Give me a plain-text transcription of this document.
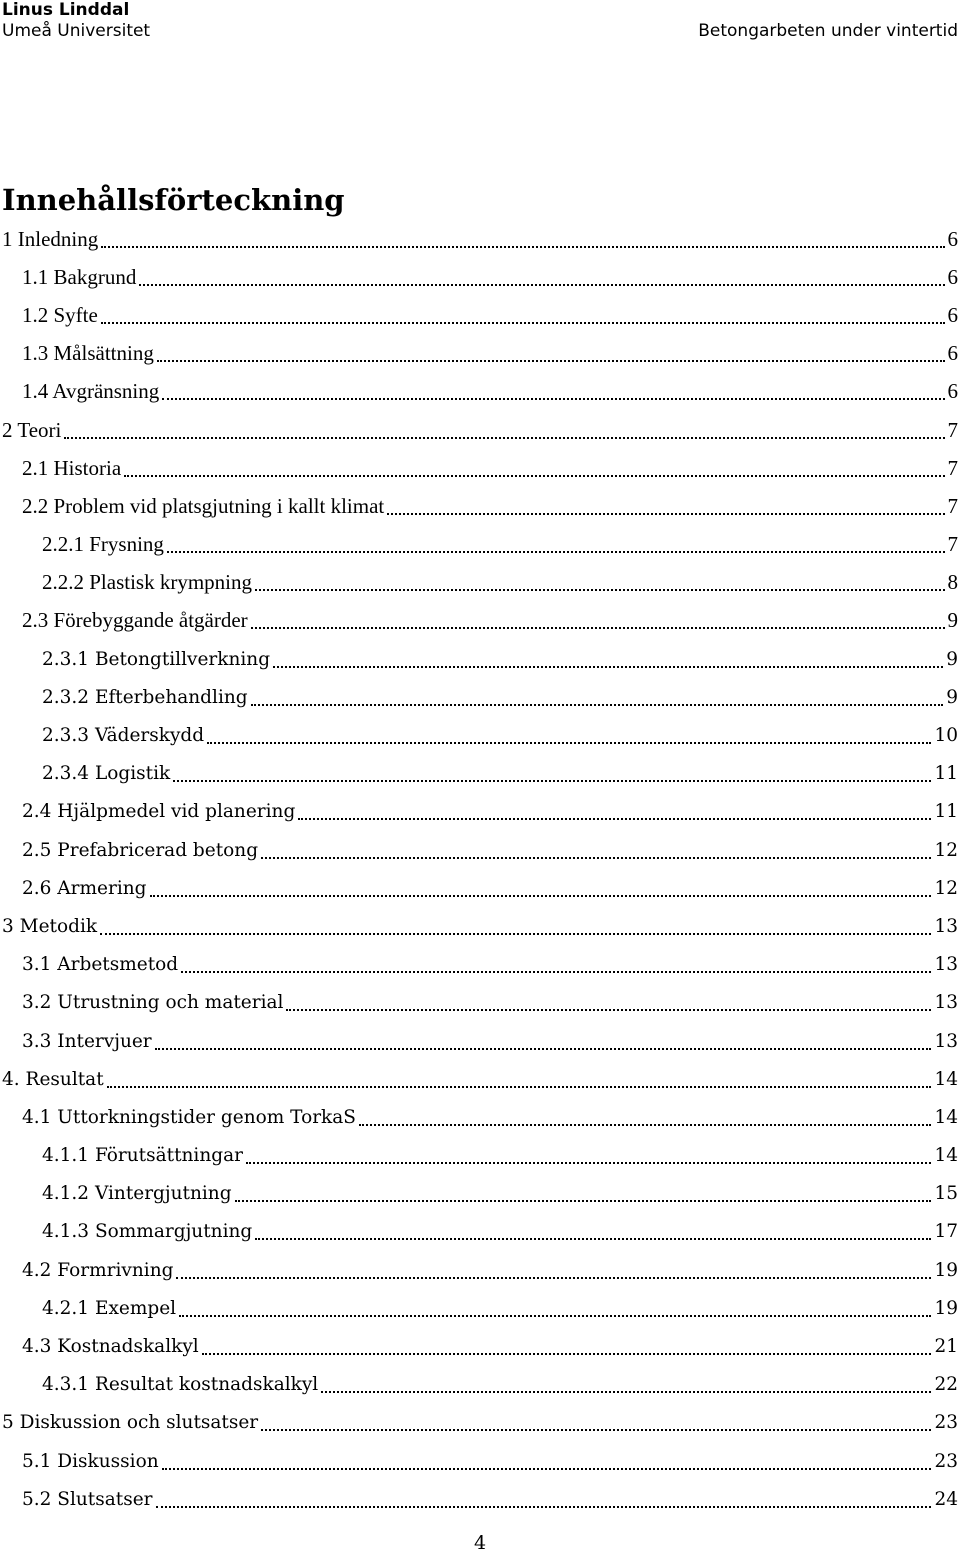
Linus Linddal
Umeå Universitet	Betongarbeten under vintertid
Innehållsförteckning
1 Inledning	6
1.1 Bakgrund	6
1.2 Syfte	6
1.3 Målsättning	6
1.4 Avgränsning	6
2 Teori	7
2.1 Historia	7
2.2 Problem vid platsgjutning i kallt klimat	7
2.2.1 Frysning	7
2.2.2 Plastisk krympning	8
2.3 Förebyggande åtgärder	9
2.3.1 Betongtillverkning	9
2.3.2 Efterbehandling	9
2.3.3 Väderskydd	10
2.3.4 Logistik	11
2.4 Hjälpmedel vid planering	11
2.5 Prefabricerad betong	12
2.6 Armering	12
3 Metodik	13
3.1 Arbetsmetod	13
3.2 Utrustning och material	13
3.3 Intervjuer	13
4. Resultat	14
4.1 Uttorkningstider genom TorkaS	14
4.1.1 Förutsättningar	14
4.1.2 Vintergjutning	15
4.1.3 Sommargjutning	17
4.2 Formrivning	19
4.2.1 Exempel	19
4.3 Kostnadskalkyl	21
4.3.1 Resultat kostnadskalkyl	22
5 Diskussion och slutsatser	23
5.1 Diskussion	23
5.2 Slutsatser	24
4
